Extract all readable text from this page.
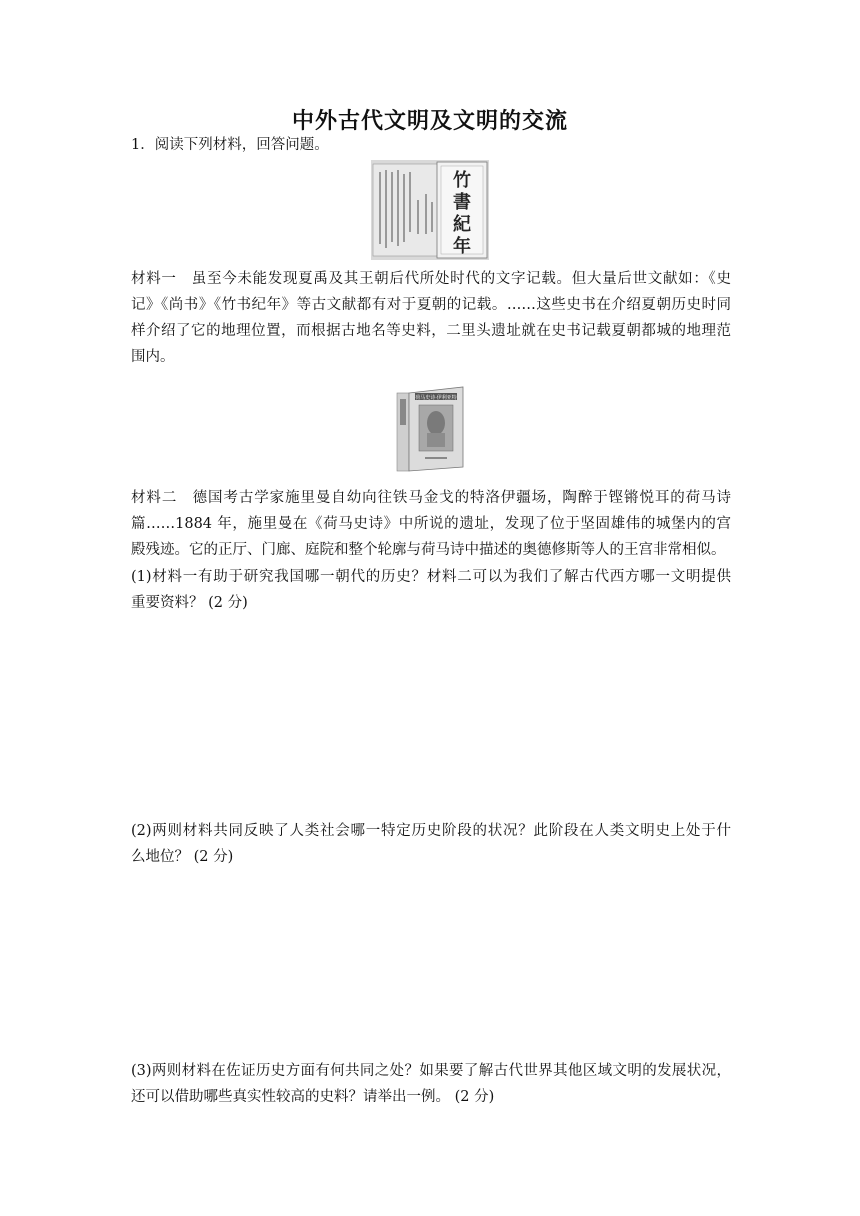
中外古代文明及文明的交流
1．阅读下列材料，回答问题。
竹
書
紀
年
材料一　虽至今未能发现夏禹及其王朝后代所处时代的文字记载。但大量后世文献如：《史
记》《尚书》《竹书纪年》等古文献都有对于夏朝的记载。……这些史书在介绍夏朝历史时同
样介绍了它的地理位置，而根据古地名等史料，二里头遗址就在史书记载夏朝都城的地理范
围内。
荷马史诗·伊利亚特
材料二　德国考古学家施里曼自幼向往铁马金戈的特洛伊疆场，陶醉于铿锵悦耳的荷马诗
篇……1884 年，施里曼在《荷马史诗》中所说的遗址，发现了位于坚固雄伟的城堡内的宫
殿残迹。它的正厅、门廊、庭院和整个轮廓与荷马诗中描述的奥德修斯等人的王宫非常相似。
(1)材料一有助于研究我国哪一朝代的历史？材料二可以为我们了解古代西方哪一文明提供
重要资料？ (2 分)
(2)两则材料共同反映了人类社会哪一特定历史阶段的状况？此阶段在人类文明史上处于什
么地位？ (2 分)
(3)两则材料在佐证历史方面有何共同之处？如果要了解古代世界其他区域文明的发展状况，
还可以借助哪些真实性较高的史料？请举出一例。 (2 分)
